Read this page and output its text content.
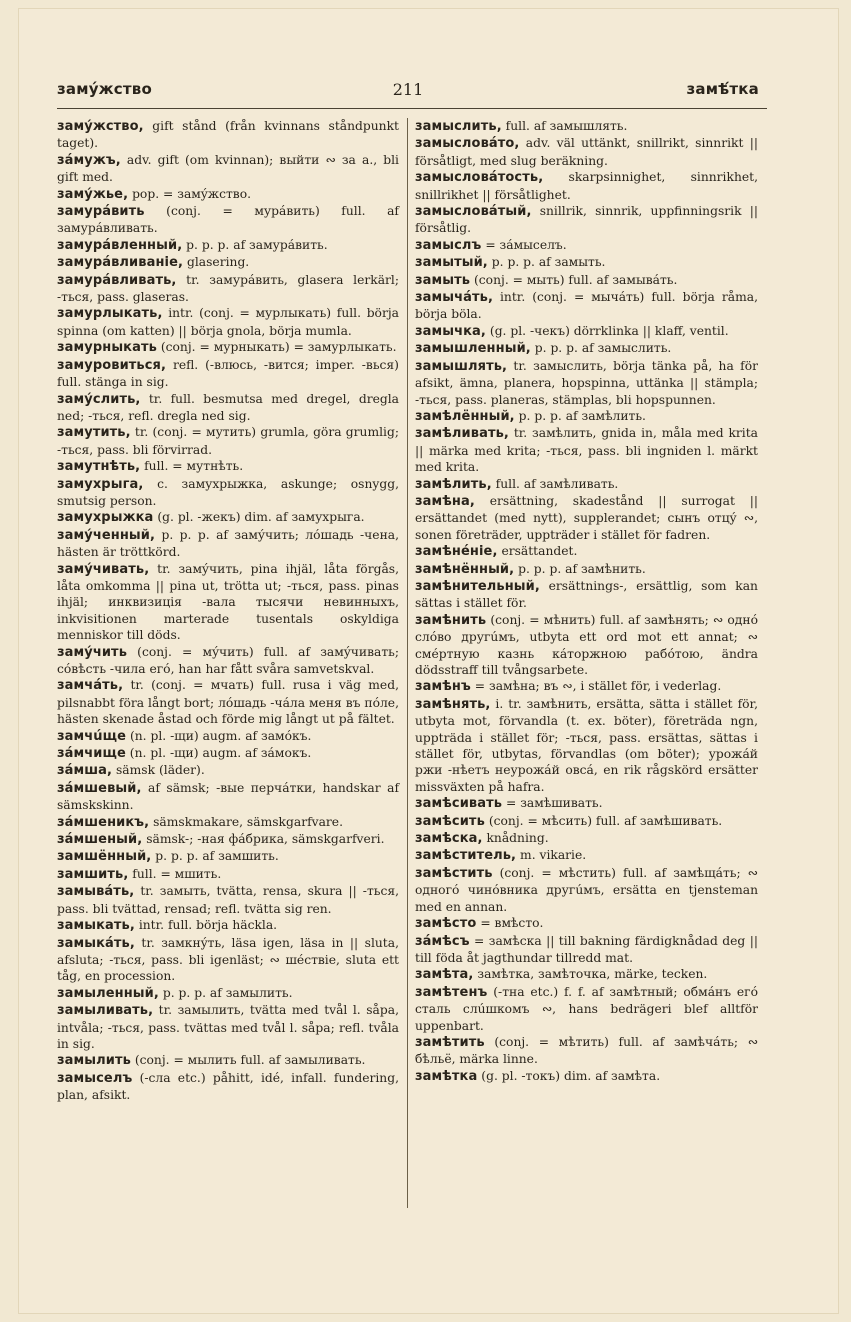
замýжство	211	замѣ́тка

замýжство, gift stånd (från kvinnans ståndpunkt taget).

зáмужъ, adv. gift (om kvinnan); выйти ∾ за a., bli gift med.

замýжье, pop. = замýжство.

замурáвить (conj. = мурáвить) full. af замурáвливать.

замурáвленный, p. p. p. af замурáвить.

замурáвливаніе, glasering.

замурáвливать, tr. замурáвить, glasera lerkärl; -ться, pass. glaseras.

замурлыкать, intr. (conj. = мурлыкать) full. börja spinna (om katten) || börja gnola, börja mumla.

замурныкать (conj. = мурныкать) = замурлыкать.

замуровиться, refl. (-влюсь, -вится; imper. -вься) full. stänga in sig.

замýслить, tr. full. besmutsa med dregel, dregla ned; -ться, refl. dregla ned sig.

замутить, tr. (conj. = мутить) grumla, göra grumlig; -ться, pass. bli förvirrad.

замутнѣть, full. = мутнѣть.

замухрыга, c. замухрыжка, askunge; osnygg, smutsig person.

замухрыжка (g. pl. -жекъ) dim. af замухрыга.

замýченный, p. p. p. af замýчить; лóшадь -чена, hästen är tröttkörd.

замýчивать, tr. замýчить, pina ihjäl, låta förgås, låta omkomma || pina ut, trötta ut; -ться, pass. pinas ihjäl; инквизиція -вала тысячи невинныхъ, inkvisitionen marterade tusentals oskyldiga menniskor till döds.

замýчить (conj. = мýчить) full. af замýчивать; сóвѣсть -чила егó, han har fått svåra samvetskval.

замчáть, tr. (conj. = мчать) full. rusa i väg med, pilsnabbt föra långt bort; лóшадь -чáла меня въ пóле, hästen skenade åstad och förde mig långt ut på fältet.

замчúще (n. pl. -щи) augm. af замóкъ.

зáмчище (n. pl. -щи) augm. af зáмокъ.

зáмша, sämsk (läder).

зáмшевый, af sämsk; -вые перчáтки, handskar af sämskskinn.

зáмшеникъ, sämskmakare, sämskgarfvare.

зáмшеный, sämsk-; -ная фáбрика, sämskgarfveri.

замшённый, p. p. p. af замшить.

замшить, full. = мшить.

замывáть, tr. замыть, tvätta, rensa, skura || -ться, pass. bli tvättad, rensad; refl. tvätta sig ren.

замыкать, intr. full. börja häckla.

замыкáть, tr. замкнýть, läsa igen, läsa in || sluta, afsluta; -ться, pass. bli igenläst; ∾ шéствіе, sluta ett tåg, en procession.

замыленный, p. p. p. af замылить.

замыливать, tr. замылить, tvätta med tvål l. såpa, intvåla; -ться, pass. tvättas med tvål l. såpa; refl. tvåla in sig.

замылить (conj. = мылить full. af замыливать.

замыселъ (-сла etc.) påhitt, idé, infall. fundering, plan, afsikt.

замыслить, full. af замышлять.

замысловáто, adv. väl uttänkt, snillrikt, sinnrikt || försåtligt, med slug beräkning.

замысловáтость, skarpsinnighet, sinnrikhet, snillrikhet || försåtlighet.

замысловáтый, snillrik, sinnrik, uppfinningsrik || försåtlig.

замыслъ = зáмыселъ.

замытый, p. p. p. af замыть.

замыть (conj. = мыть) full. af замывáть.

замычáть, intr. (conj. = мычáть) full. börja råma, börja böla.

замычка, (g. pl. -чекъ) dörrklinka || klaff, ventil.

замышленный, p. p. p. af замыслить.

замышлять, tr. замыслить, börja tänka på, ha för afsikt, ämna, planera, hopspinna, uttänka || stämpla; -ться, pass. planeras, stämplas, bli hopspunnen.

замѣлённый, p. p. p. af замѣлить.

замѣливать, tr. замѣлить, gnida in, måla med krita || märka med krita; -ться, pass. bli ingniden l. märkt med krita.

замѣлить, full. af замѣливать.

замѣна, ersättning, skadestånd || surrogat || ersättandet (med nytt), supplerandet; сынъ отцý ∾, sonen företräder, uppträder i stället för fadren.

замѣнéніе, ersättandet.

замѣнённый, p. p. p. af замѣнить.

замѣнительный, ersättnings-, ersättlig, som kan sättas i stället för.

замѣнить (conj. = мѣнить) full. af замѣнять; ∾ однó слóво другúмъ, utbyta ett ord mot ett annat; ∾ смéртную казнь кáторжною рабóтою, ändra dödsstraff till tvångsarbete.

замѣнъ = замѣна; въ ∾, i stället för, i vederlag.

замѣнять, i. tr. замѣнить, ersätta, sätta i stället för, utbyta mot, förvandla (t. ex. böter), företräda ngn, uppträda i stället för; -ться, pass. ersättas, sättas i stället för, utbytas, förvandlas (om böter); урожáй ржи -нѣетъ неурожáй овсá, en rik rågskörd ersätter missväxten på hafra.

замѣсивать = замѣшивать.

замѣсить (conj. = мѣсить) full. af замѣшивать.

замѣска, knådning.

замѣститель, m. vikarie.

замѣстить (conj. = мѣстить) full. af замѣщáть; ∾ одногó чинóвника другúмъ, ersätta en tjensteman med en annan.

замѣсто = вмѣсто.

зáмѣсъ = замѣска || till bakning färdigknådad deg || till föda åt jagthundar tillredd mat.

замѣта, замѣтка, замѣточка, märke, tecken.

замѣтенъ (-тна etc.) f. f. af замѣтный; обмáнъ егó сталь слúшкомъ ∾, hans bedrägeri blef alltför uppenbart.

замѣтить (conj. = мѣтить) full. af замѣчáть; ∾ бѣльё, märka linne.

замѣтка (g. pl. -токъ) dim. af замѣта.
